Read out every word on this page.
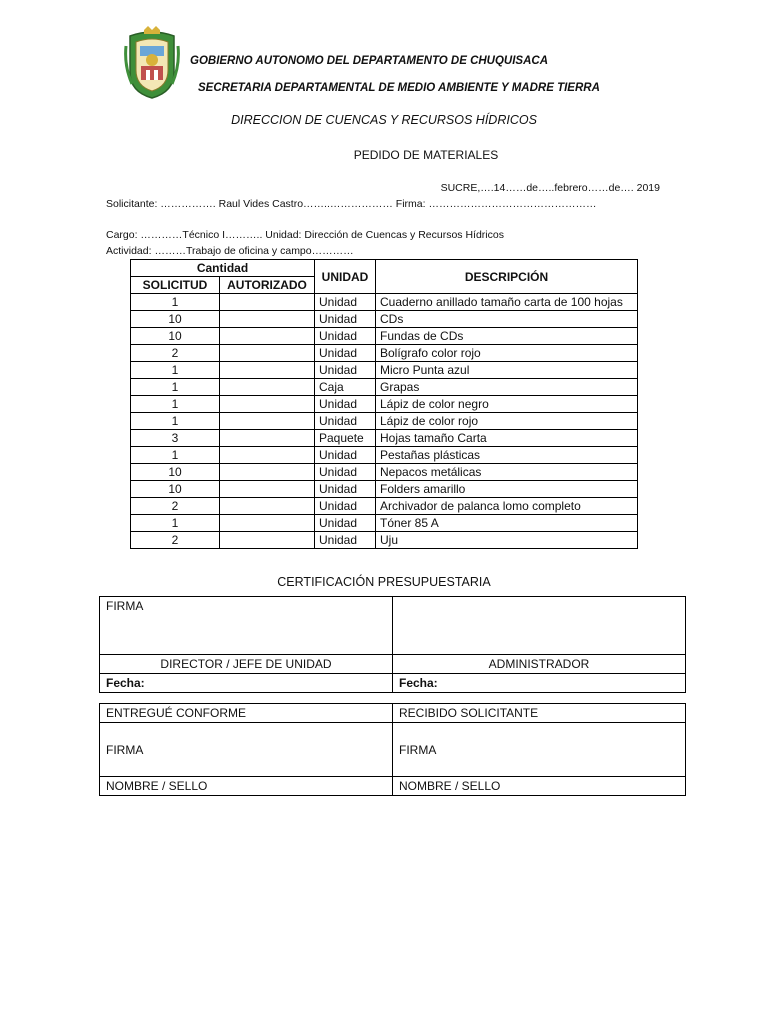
GOBIERNO AUTONOMO DEL DEPARTAMENTO DE CHUQUISACA
SECRETARIA DEPARTAMENTAL DE MEDIO AMBIENTE Y MADRE TIERRA
DIRECCION DE CUENCAS Y RECURSOS HÍDRICOS
PEDIDO DE MATERIALES
SUCRE,….14……de…..febrero……de…. 2019
Solicitante: ……………. Raul Vides Castro……..……………… Firma: …………………………………………
Cargo: …………Técnico I……….. Unidad: Dirección de Cuencas y Recursos Hídricos
Actividad: ………Trabajo de oficina y campo…………
Cantidad		UNIDAD	DESCRIPCIÓN
SOLICITUD	AUTORIZADO		
1		Unidad	Cuaderno anillado tamaño carta de 100 hojas
10		Unidad	CDs
10		Unidad	Fundas de CDs
2		Unidad	Bolígrafo color rojo
1		Unidad	Micro Punta azul
1		Caja	Grapas
1		Unidad	Lápiz de color negro
1		Unidad	Lápiz de color rojo
3		Paquete	Hojas tamaño Carta
1		Unidad	Pestañas plásticas
10		Unidad	Nepacos metálicas
10		Unidad	Folders amarillo
2		Unidad	Archivador de palanca lomo completo
1		Unidad	Tóner 85 A
2		Unidad	Uju
CERTIFICACIÓN PRESUPUESTARIA
FIRMA	
DIRECTOR / JEFE DE UNIDAD	ADMINISTRADOR
Fecha:	Fecha:
ENTREGUÉ CONFORME	RECIBIDO SOLICITANTE
FIRMA	FIRMA
NOMBRE / SELLO	NOMBRE / SELLO
